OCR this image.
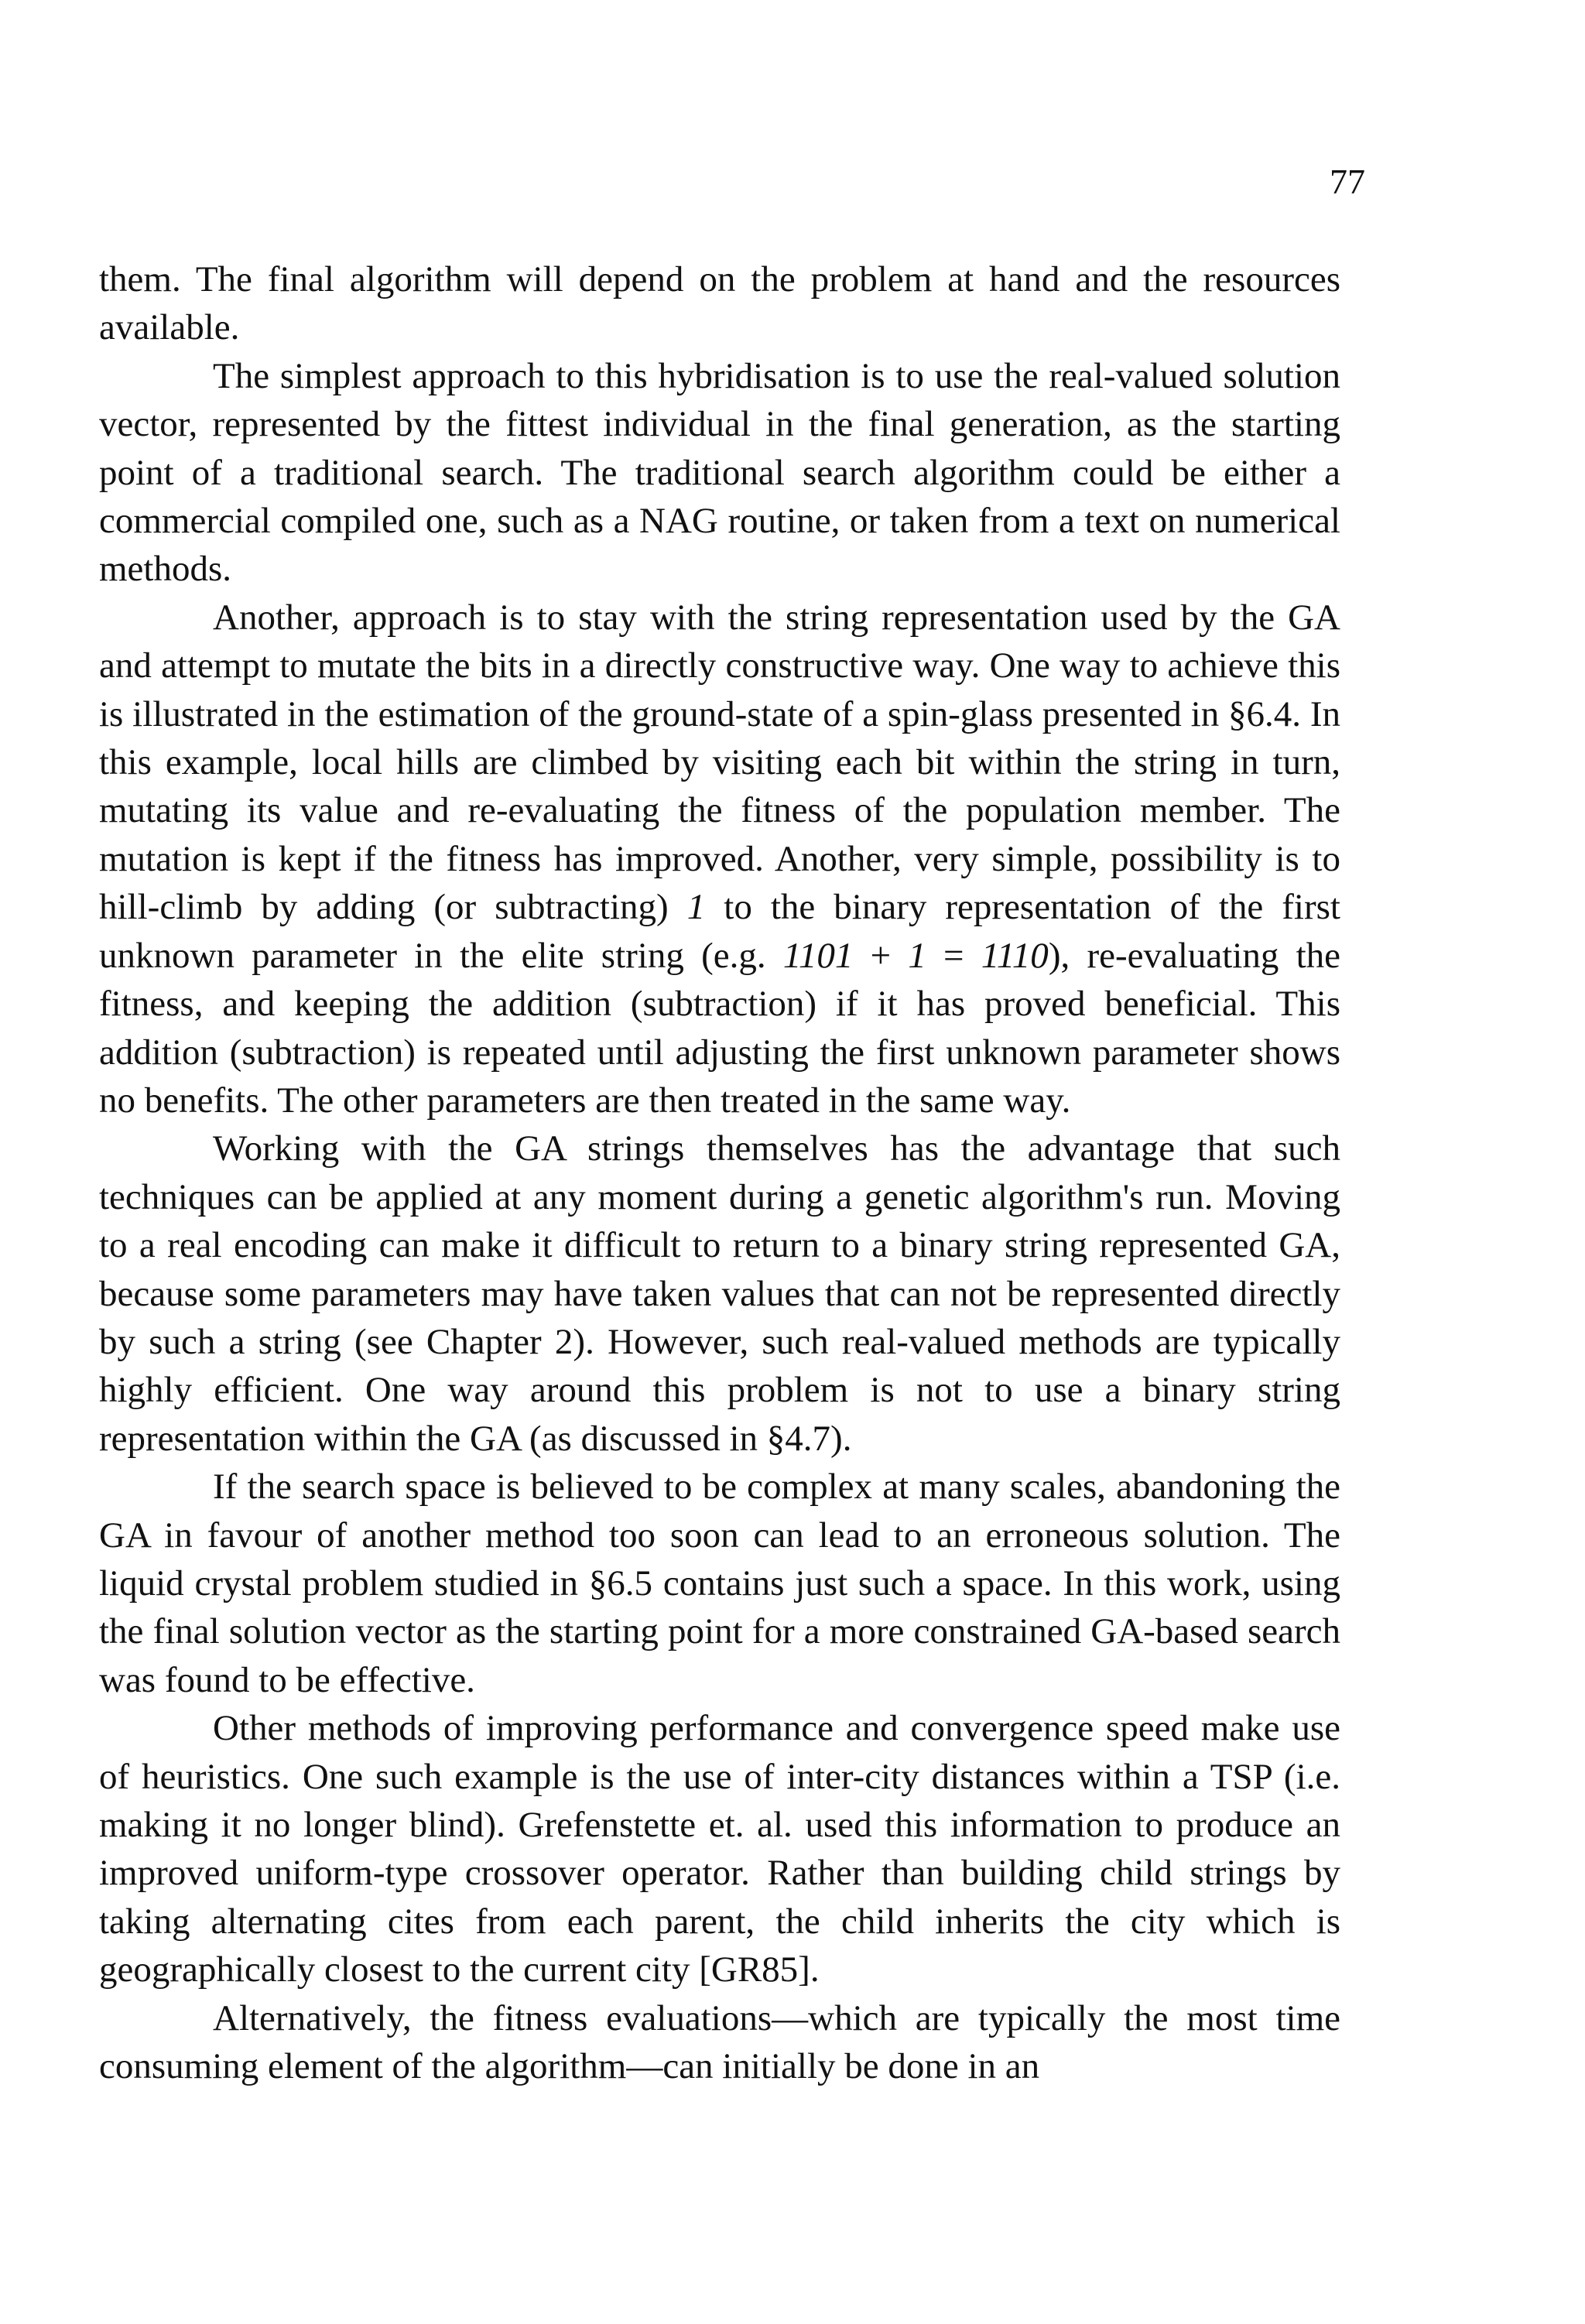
77

them. The final algorithm will depend on the problem at hand and the resources available.

The simplest approach to this hybridisation is to use the real-valued solution vector, represented by the fittest individual in the final generation, as the starting point of a traditional search. The traditional search algorithm could be either a commercial compiled one, such as a NAG routine, or taken from a text on numerical methods.

Another, approach is to stay with the string representation used by the GA and attempt to mutate the bits in a directly constructive way. One way to achieve this is illustrated in the estimation of the ground-state of a spin-glass presented in §6.4. In this example, local hills are climbed by visiting each bit within the string in turn, mutating its value and re-evaluating the fitness of the population member. The mutation is kept if the fitness has improved. Another, very simple, possibility is to hill-climb by adding (or subtracting) 1 to the binary representation of the first unknown parameter in the elite string (e.g. 1101 + 1 = 1110), re-evaluating the fitness, and keeping the addition (subtraction) if it has proved beneficial. This addition (subtraction) is repeated until adjusting the first unknown parameter shows no benefits. The other parameters are then treated in the same way.

Working with the GA strings themselves has the advantage that such techniques can be applied at any moment during a genetic algorithm's run. Moving to a real encoding can make it difficult to return to a binary string represented GA, because some parameters may have taken values that can not be represented directly by such a string (see Chapter 2). However, such real-valued methods are typically highly efficient. One way around this problem is not to use a binary string representation within the GA (as discussed in §4.7).

If the search space is believed to be complex at many scales, abandoning the GA in favour of another method too soon can lead to an erroneous solution. The liquid crystal problem studied in §6.5 contains just such a space. In this work, using the final solution vector as the starting point for a more constrained GA-based search was found to be effective.

Other methods of improving performance and convergence speed make use of heuristics. One such example is the use of inter-city distances within a TSP (i.e. making it no longer blind). Grefenstette et. al. used this information to produce an improved uniform-type crossover operator. Rather than building child strings by taking alternating cites from each parent, the child inherits the city which is geographically closest to the current city [GR85].

Alternatively, the fitness evaluations—which are typically the most time consuming element of the algorithm—can initially be done in an
